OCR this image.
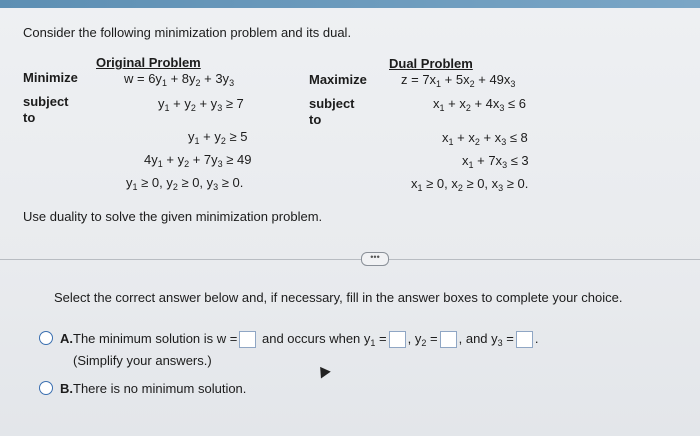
Consider the following minimization problem and its dual.
Original Problem
Minimize
subject
to
$w = 6y_1 + 8y_2 + 3y_3$
$y_1 + y_2 + y_3 \ge 7$
$y_1 + y_2 \ge 5$
$4y_1 + y_2 + 7y_3 \ge 49$
$y_1 \ge 0$, $y_2 \ge 0$, $y_3 \ge 0$.
Dual Problem
Maximize
subject
to
$z = 7x_1 + 5x_2 + 49x_3$
$x_1 + x_2 + 4x_3 \le 6$
$x_1 + x_2 + x_3 \le 8$
$x_1 + 7x_3 \le 3$
$x_1 \ge 0$, $x_2 \ge 0$, $x_3 \ge 0$.
Use duality to solve the given minimization problem.
•••
Select the correct answer below and, if necessary, fill in the answer boxes to complete your choice.
A. The minimum solution is w = and occurs when $y_1$ = , $y_2$ = , and $y_3$ = .
(Simplify your answers.)
B. There is no minimum solution.
